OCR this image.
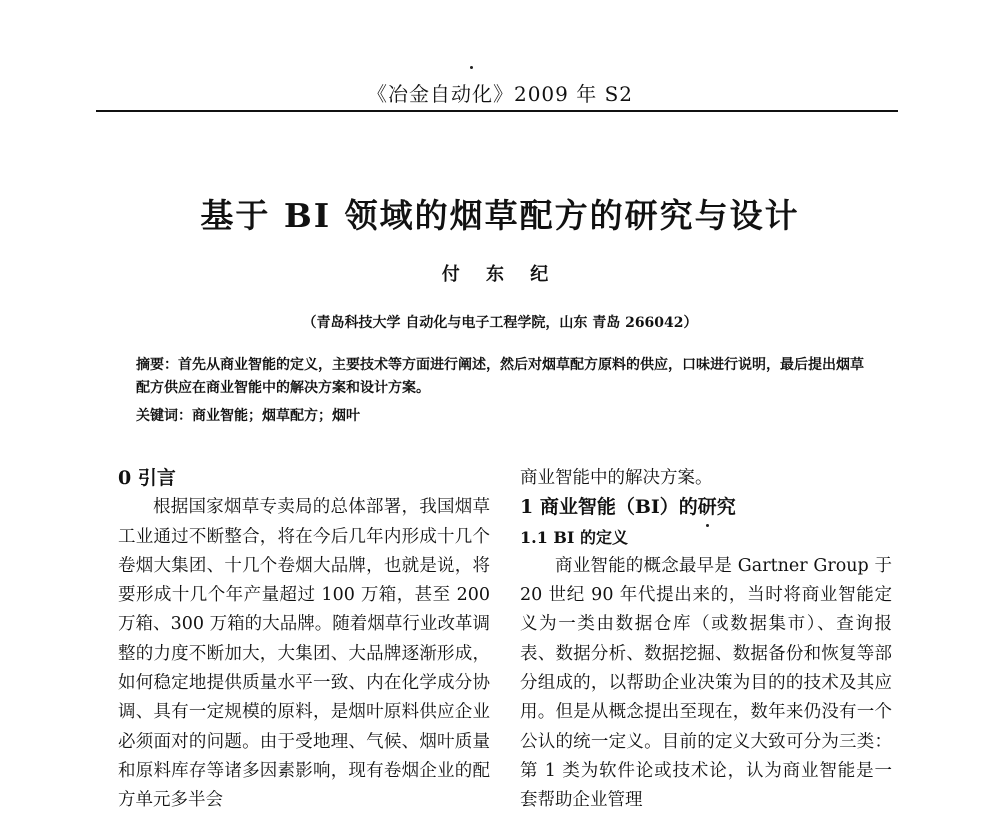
《冶金自动化》2009 年 S2
基于 BI 领域的烟草配方的研究与设计
付 东 纪
（青岛科技大学 自动化与电子工程学院，山东 青岛 266042）
摘要：首先从商业智能的定义，主要技术等方面进行阐述，然后对烟草配方原料的供应，口味进行说明，最后提出烟草配方供应在商业智能中的解决方案和设计方案。
关键词：商业智能；烟草配方；烟叶
0 引言

根据国家烟草专卖局的总体部署，我国烟草工业通过不断整合，将在今后几年内形成十几个卷烟大集团、十几个卷烟大品牌，也就是说，将要形成十几个年产量超过 100 万箱，甚至 200 万箱、300 万箱的大品牌。随着烟草行业改革调整的力度不断加大，大集团、大品牌逐渐形成，如何稳定地提供质量水平一致、内在化学成分协调、具有一定规模的原料，是烟叶原料供应企业必须面对的问题。由于受地理、气候、烟叶质量和原料库存等诸多因素影响，现有卷烟企业的配方单元多半会

商业智能中的解决方案。

1 商业智能（BI）的研究
1.1 BI 的定义

商业智能的概念最早是 Gartner Group 于 20 世纪 90 年代提出来的，当时将商业智能定义为一类由数据仓库（或数据集市）、查询报表、数据分析、数据挖掘、数据备份和恢复等部分组成的，以帮助企业决策为目的的技术及其应用。但是从概念提出至现在，数年来仍没有一个公认的统一定义。目前的定义大致可分为三类：第 1 类为软件论或技术论，认为商业智能是一套帮助企业管理
